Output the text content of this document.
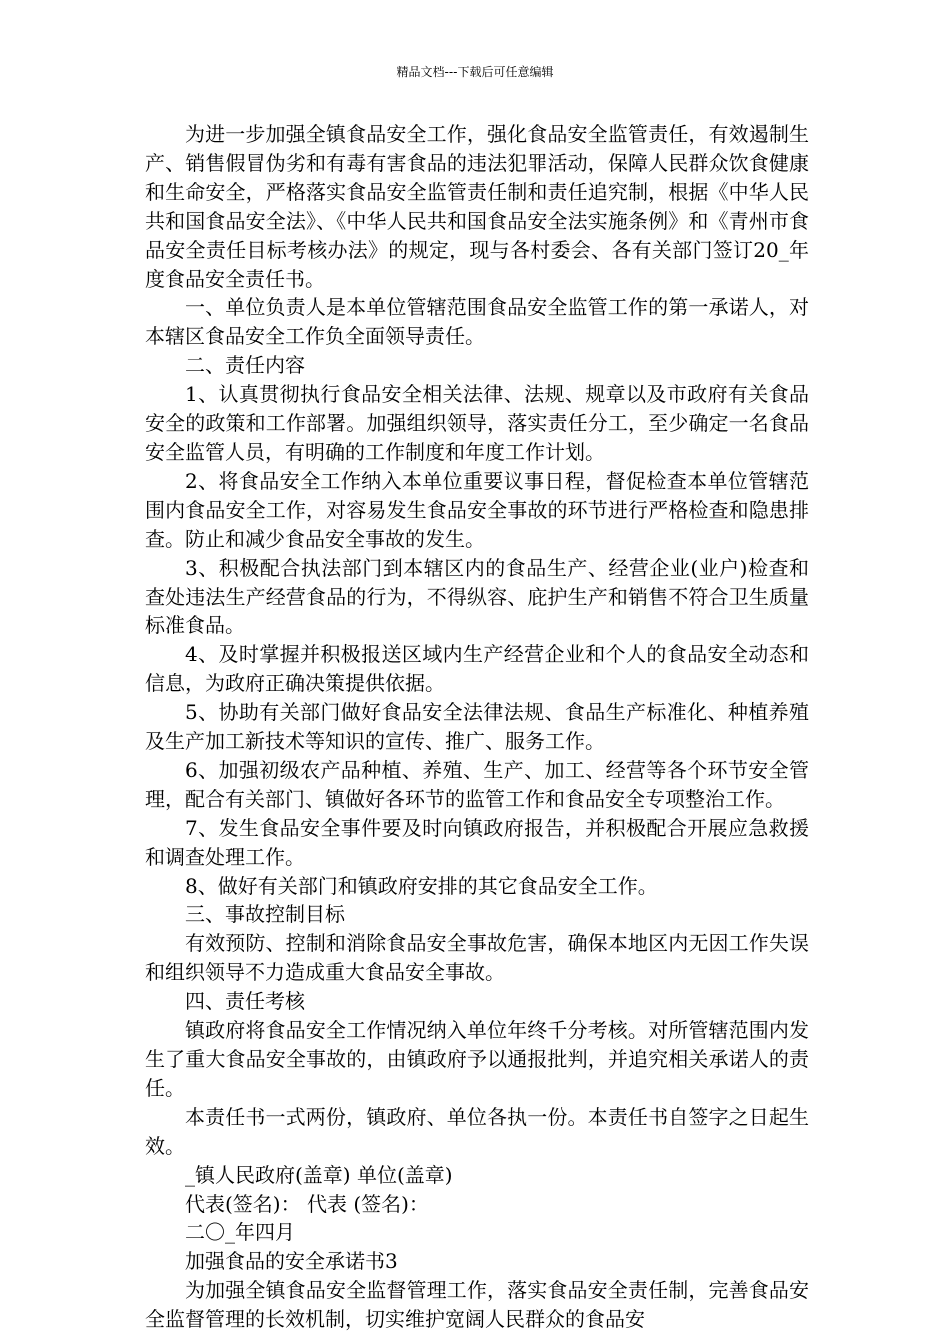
精品文档---下载后可任意编辑

为进一步加强全镇食品安全工作，强化食品安全监管责任，有效遏制生产、销售假冒伪劣和有毒有害食品的违法犯罪活动，保障人民群众饮食健康和生命安全，严格落实食品安全监管责任制和责任追究制，根据《中华人民共和国食品安全法》、《中华人民共和国食品安全法实施条例》和《青州市食品安全责任目标考核办法》的规定，现与各村委会、各有关部门签订20_年度食品安全责任书。

一、单位负责人是本单位管辖范围食品安全监管工作的第一承诺人，对本辖区食品安全工作负全面领导责任。

二、责任内容

1、认真贯彻执行食品安全相关法律、法规、规章以及市政府有关食品安全的政策和工作部署。加强组织领导，落实责任分工，至少确定一名食品安全监管人员，有明确的工作制度和年度工作计划。

2、将食品安全工作纳入本单位重要议事日程，督促检查本单位管辖范围内食品安全工作，对容易发生食品安全事故的环节进行严格检查和隐患排查。防止和减少食品安全事故的发生。

3、积极配合执法部门到本辖区内的食品生产、经营企业(业户)检查和查处违法生产经营食品的行为，不得纵容、庇护生产和销售不符合卫生质量标准食品。

4、及时掌握并积极报送区域内生产经营企业和个人的食品安全动态和信息，为政府正确决策提供依据。

5、协助有关部门做好食品安全法律法规、食品生产标准化、种植养殖及生产加工新技术等知识的宣传、推广、服务工作。

6、加强初级农产品种植、养殖、生产、加工、经营等各个环节安全管理，配合有关部门、镇做好各环节的监管工作和食品安全专项整治工作。

7、发生食品安全事件要及时向镇政府报告，并积极配合开展应急救援和调查处理工作。

8、做好有关部门和镇政府安排的其它食品安全工作。

三、事故控制目标

有效预防、控制和消除食品安全事故危害，确保本地区内无因工作失误和组织领导不力造成重大食品安全事故。

四、责任考核

镇政府将食品安全工作情况纳入单位年终千分考核。对所管辖范围内发生了重大食品安全事故的，由镇政府予以通报批判，并追究相关承诺人的责任。

本责任书一式两份，镇政府、单位各执一份。本责任书自签字之日起生效。

_镇人民政府(盖章) 单位(盖章)

代表(签名)： 代表 (签名)：

二〇_年四月

加强食品的安全承诺书3

为加强全镇食品安全监督管理工作，落实食品安全责任制，完善食品安全监督管理的长效机制，切实维护宽阔人民群众的食品安
